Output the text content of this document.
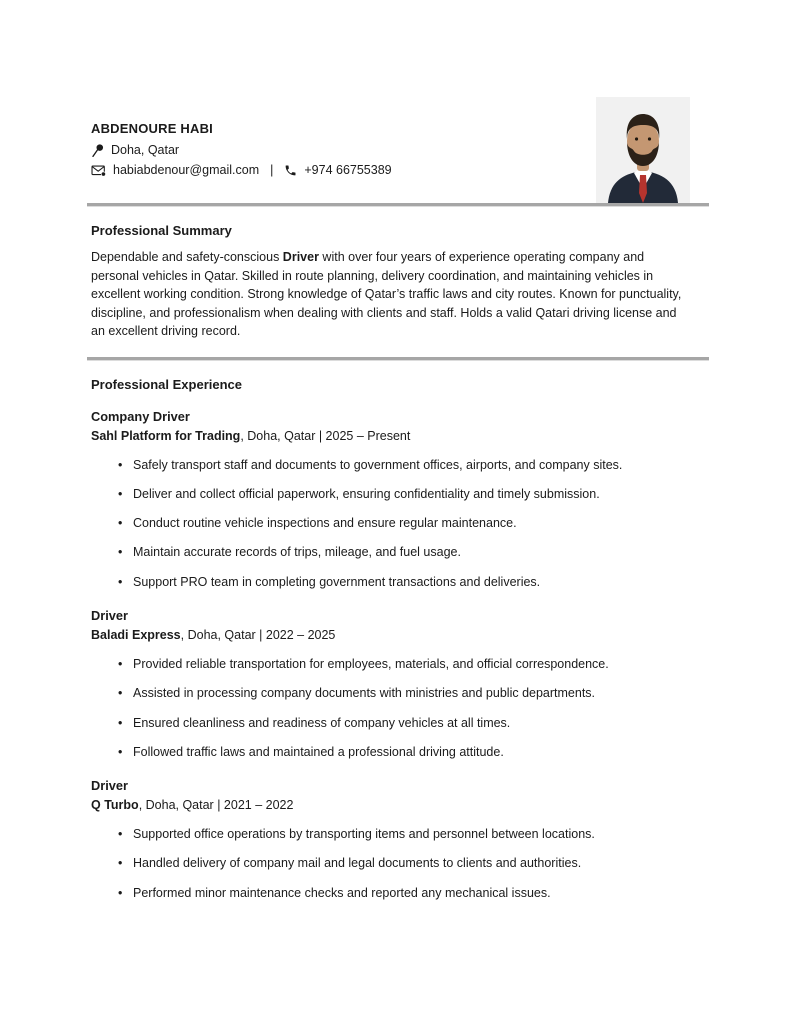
ABDENOURE HABI
Doha, Qatar
habiabdenour@gmail.com | +974 66755389
Professional Summary
Dependable and safety-conscious Driver with over four years of experience operating company and personal vehicles in Qatar. Skilled in route planning, delivery coordination, and maintaining vehicles in excellent working condition. Strong knowledge of Qatar’s traffic laws and city routes. Known for punctuality, discipline, and professionalism when dealing with clients and staff. Holds a valid Qatari driving license and an excellent driving record.
Professional Experience
Company Driver
Sahl Platform for Trading, Doha, Qatar | 2025 – Present
• Safely transport staff and documents to government offices, airports, and company sites.
• Deliver and collect official paperwork, ensuring confidentiality and timely submission.
• Conduct routine vehicle inspections and ensure regular maintenance.
• Maintain accurate records of trips, mileage, and fuel usage.
• Support PRO team in completing government transactions and deliveries.
Driver
Baladi Express, Doha, Qatar | 2022 – 2025
• Provided reliable transportation for employees, materials, and official correspondence.
• Assisted in processing company documents with ministries and public departments.
• Ensured cleanliness and readiness of company vehicles at all times.
• Followed traffic laws and maintained a professional driving attitude.
Driver
Q Turbo, Doha, Qatar | 2021 – 2022
• Supported office operations by transporting items and personnel between locations.
• Handled delivery of company mail and legal documents to clients and authorities.
• Performed minor maintenance checks and reported any mechanical issues.
